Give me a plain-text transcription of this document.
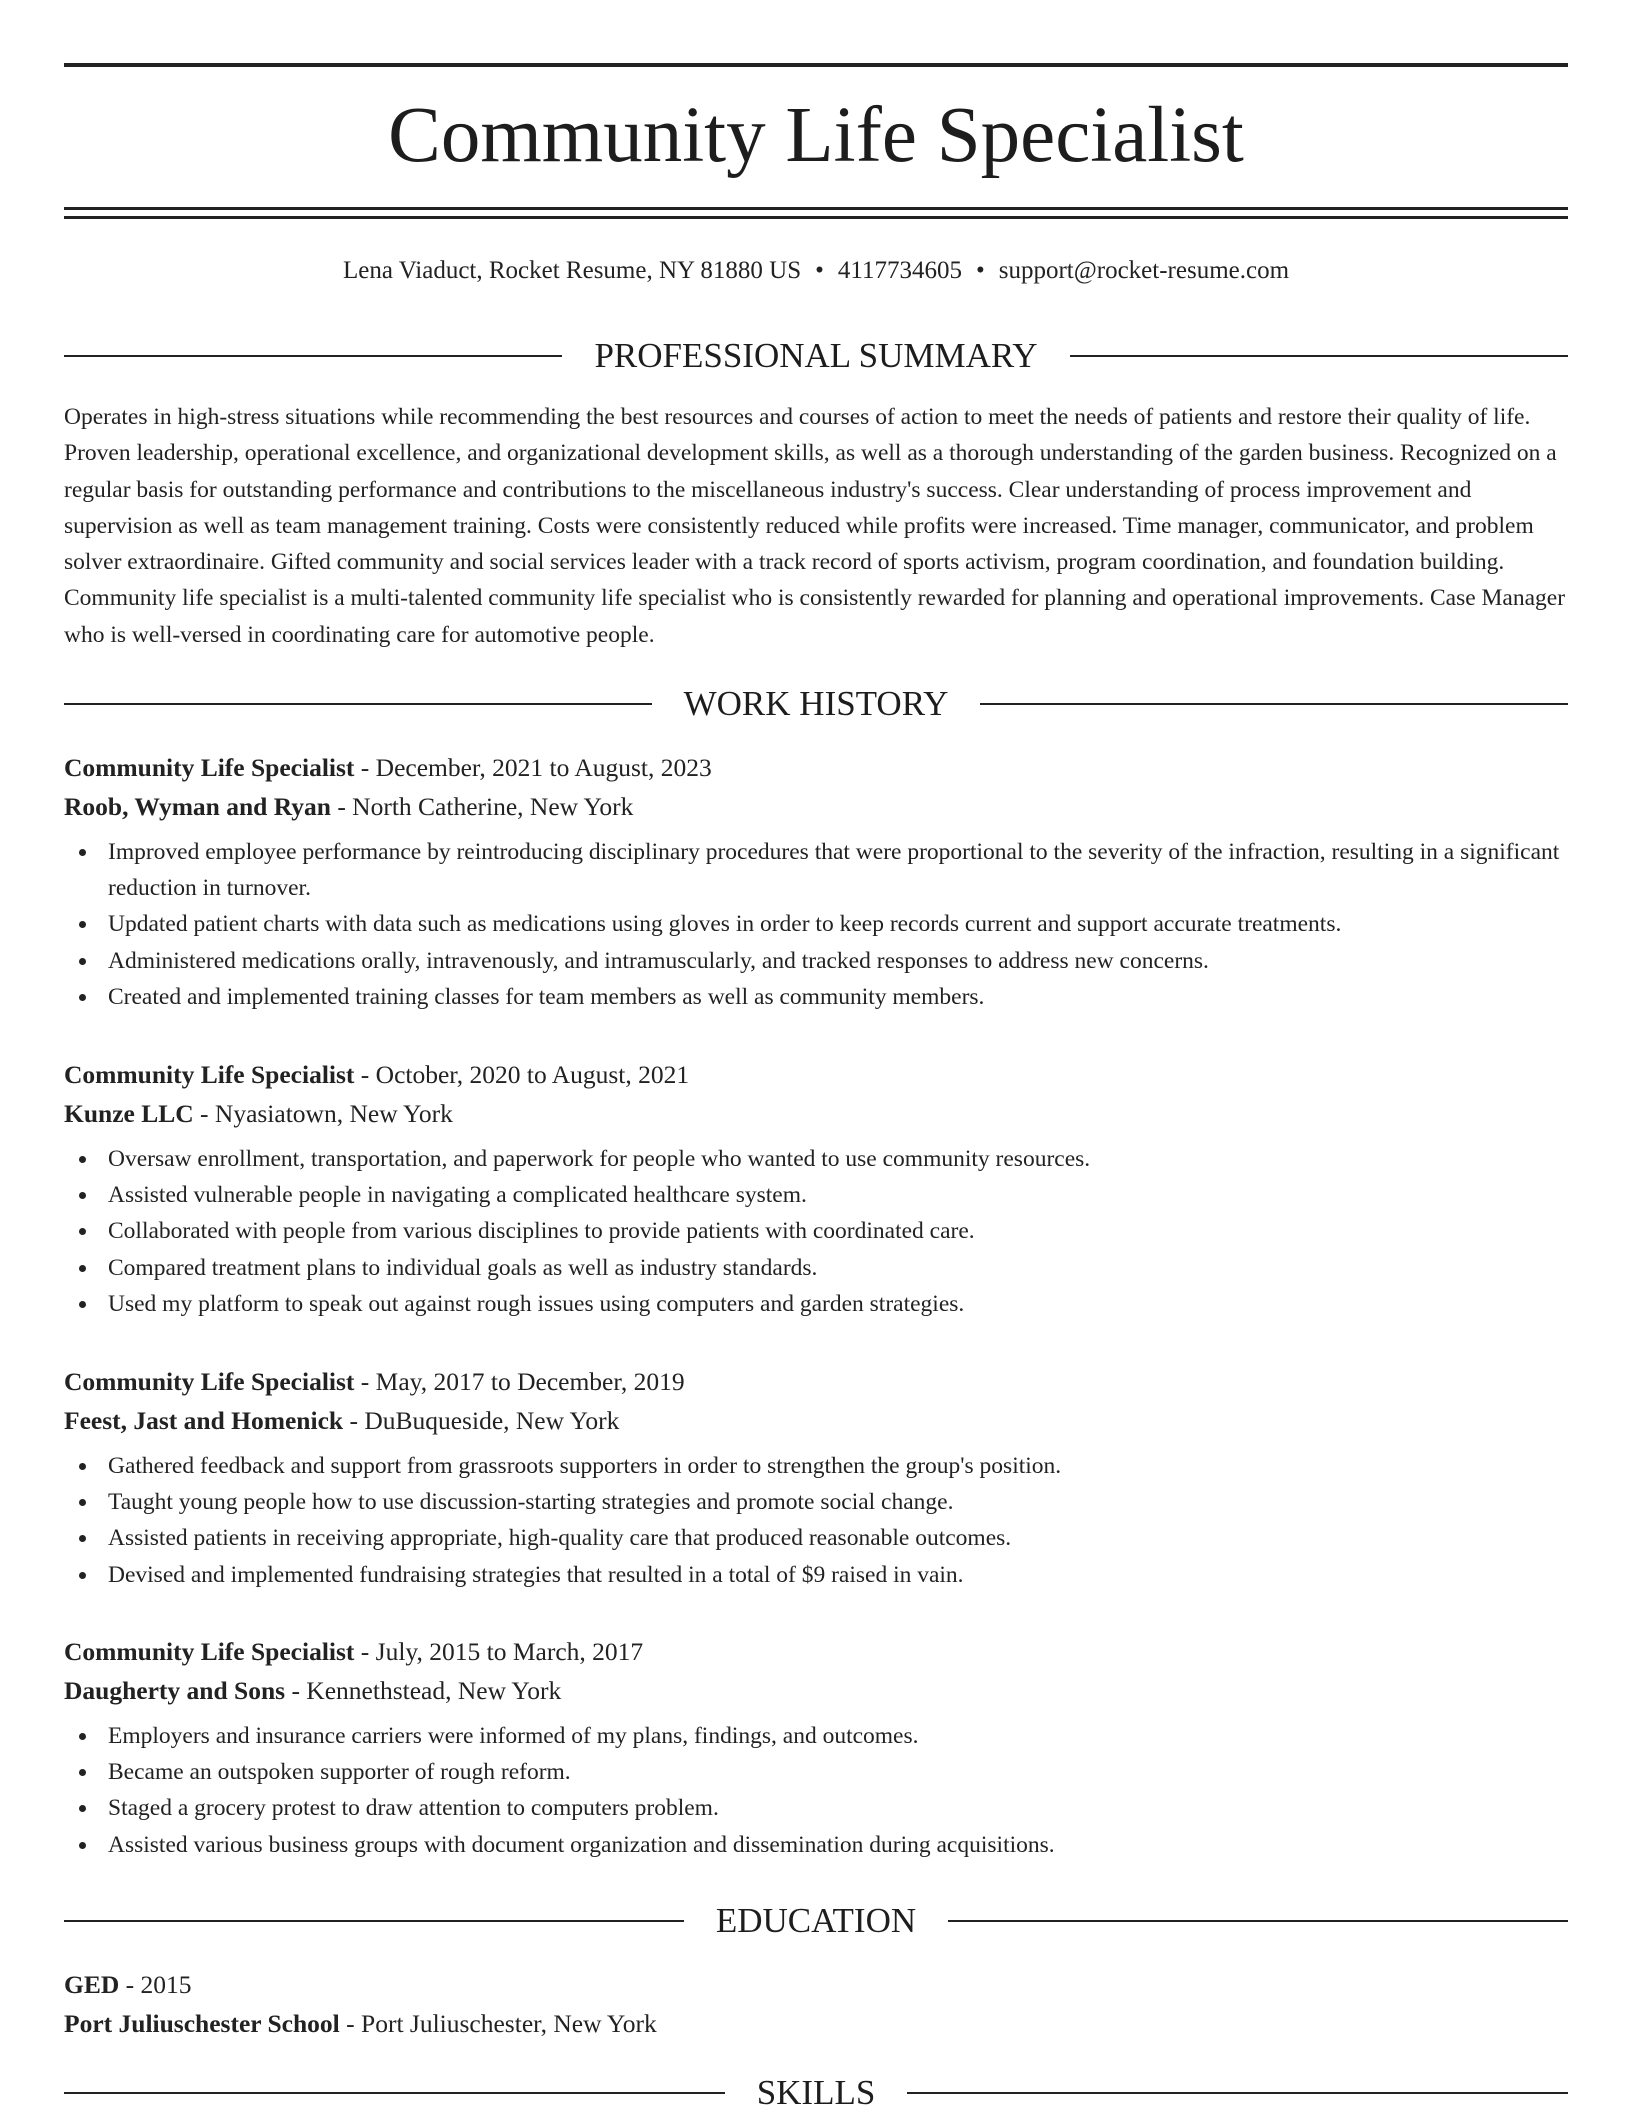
Community Life Specialist
Lena Viaduct, Rocket Resume, NY 81880 US • 4117734605 • support@rocket-resume.com
PROFESSIONAL SUMMARY

Operates in high-stress situations while recommending the best resources and courses of action to meet the needs of patients and restore their quality of life. Proven leadership, operational excellence, and organizational development skills, as well as a thorough understanding of the garden business. Recognized on a regular basis for outstanding performance and contributions to the miscellaneous industry's success. Clear understanding of process improvement and supervision as well as team management training. Costs were consistently reduced while profits were increased. Time manager, communicator, and problem solver extraordinaire. Gifted community and social services leader with a track record of sports activism, program coordination, and foundation building. Community life specialist is a multi-talented community life specialist who is consistently rewarded for planning and operational improvements. Case Manager who is well-versed in coordinating care for automotive people.

WORK HISTORY
Community Life Specialist - December, 2021 to August, 2023
Roob, Wyman and Ryan - North Catherine, New York
Improved employee performance by reintroducing disciplinary procedures that were proportional to the severity of the infraction, resulting in a significant reduction in turnover.
Updated patient charts with data such as medications using gloves in order to keep records current and support accurate treatments.
Administered medications orally, intravenously, and intramuscularly, and tracked responses to address new concerns.
Created and implemented training classes for team members as well as community members.
Community Life Specialist - October, 2020 to August, 2021
Kunze LLC - Nyasiatown, New York
Oversaw enrollment, transportation, and paperwork for people who wanted to use community resources.
Assisted vulnerable people in navigating a complicated healthcare system.
Collaborated with people from various disciplines to provide patients with coordinated care.
Compared treatment plans to individual goals as well as industry standards.
Used my platform to speak out against rough issues using computers and garden strategies.
Community Life Specialist - May, 2017 to December, 2019
Feest, Jast and Homenick - DuBuqueside, New York
Gathered feedback and support from grassroots supporters in order to strengthen the group's position.
Taught young people how to use discussion-starting strategies and promote social change.
Assisted patients in receiving appropriate, high-quality care that produced reasonable outcomes.
Devised and implemented fundraising strategies that resulted in a total of $9 raised in vain.
Community Life Specialist - July, 2015 to March, 2017
Daugherty and Sons - Kennethstead, New York
Employers and insurance carriers were informed of my plans, findings, and outcomes.
Became an outspoken supporter of rough reform.
Staged a grocery protest to draw attention to computers problem.
Assisted various business groups with document organization and dissemination during acquisitions.
EDUCATION
GED - 2015
Port Juliuschester School - Port Juliuschester, New York
SKILLS
